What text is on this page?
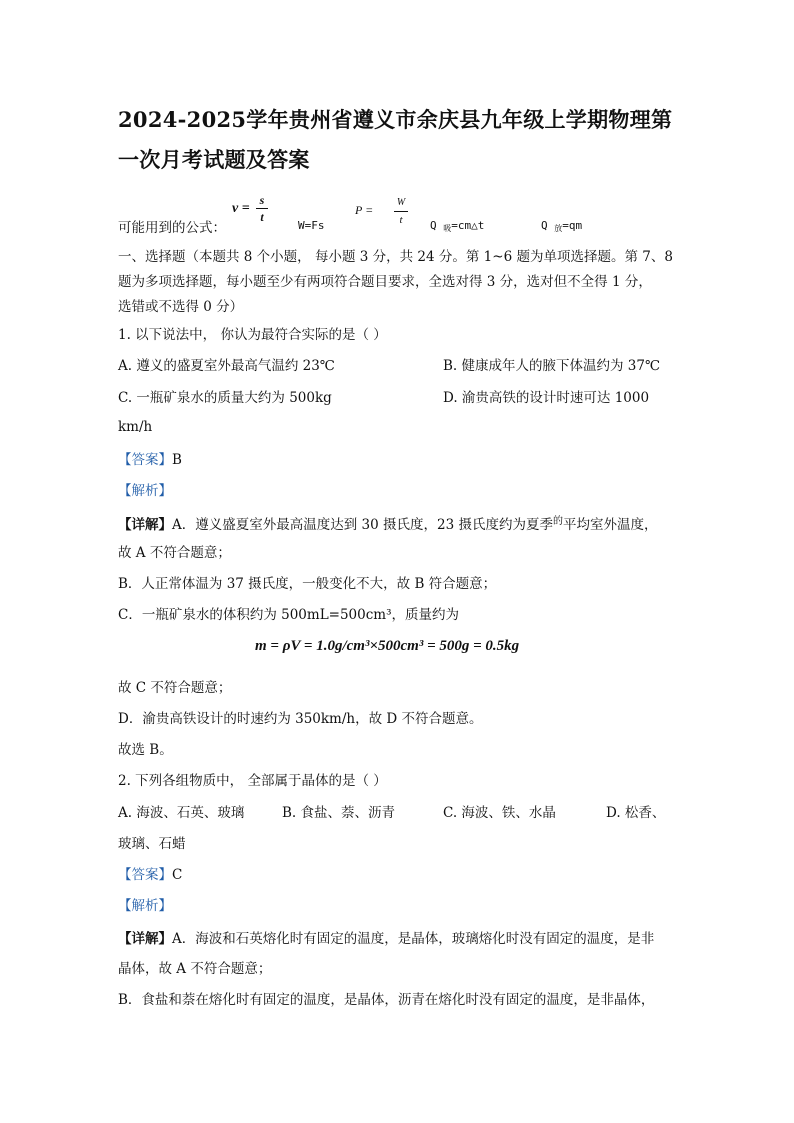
2024-2025学年贵州省遵义市余庆县九年级上学期物理第一次月考试题及答案
可能用到的公式：
v =
s
t
W=Fs
P =
W
t	Q $_吸$=cm△t	Q $_放$=qm
一、选择题（本题共 8 个小题， 每小题 3 分，共 24 分。第 1~6 题为单项选择题。第 7、8
题为多项选择题，每小题至少有两项符合题目要求，全选对得 3 分，选对但不全得 1 分，
选错或不选得 0 分）
1. 以下说法中， 你认为最符合实际的是（ ）
A. 遵义的盛夏室外最高气温约 23℃	B. 健康成年人的腋下体温约为 37℃
C. 一瓶矿泉水的质量大约为 500kg	D. 渝贵高铁的设计时速可达 1000
km/h
【答案】B
【解析】
【详解】A．遵义盛夏室外最高温度达到 30 摄氏度，23 摄氏度约为夏季$^的$平均室外温度，
故 A 不符合题意；
B．人正常体温为 37 摄氏度，一般变化不大，故 B 符合题意；
C．一瓶矿泉水的体积约为 500mL=500cm³，质量约为
m = ρV = 1.0g/cm³×500cm³ = 500g = 0.5kg
故 C 不符合题意；
D．渝贵高铁设计的时速约为 350km/h，故 D 不符合题意。
故选 B。
2. 下列各组物质中， 全部属于晶体的是（ ）
A. 海波、石英、玻璃	B. 食盐、萘、沥青	C. 海波、铁、水晶	D. 松香、
玻璃、石蜡
【答案】C
【解析】
【详解】A．海波和石英熔化时有固定的温度，是晶体，玻璃熔化时没有固定的温度，是非
晶体，故 A 不符合题意；
B．食盐和萘在熔化时有固定的温度，是晶体，沥青在熔化时没有固定的温度，是非晶体，
